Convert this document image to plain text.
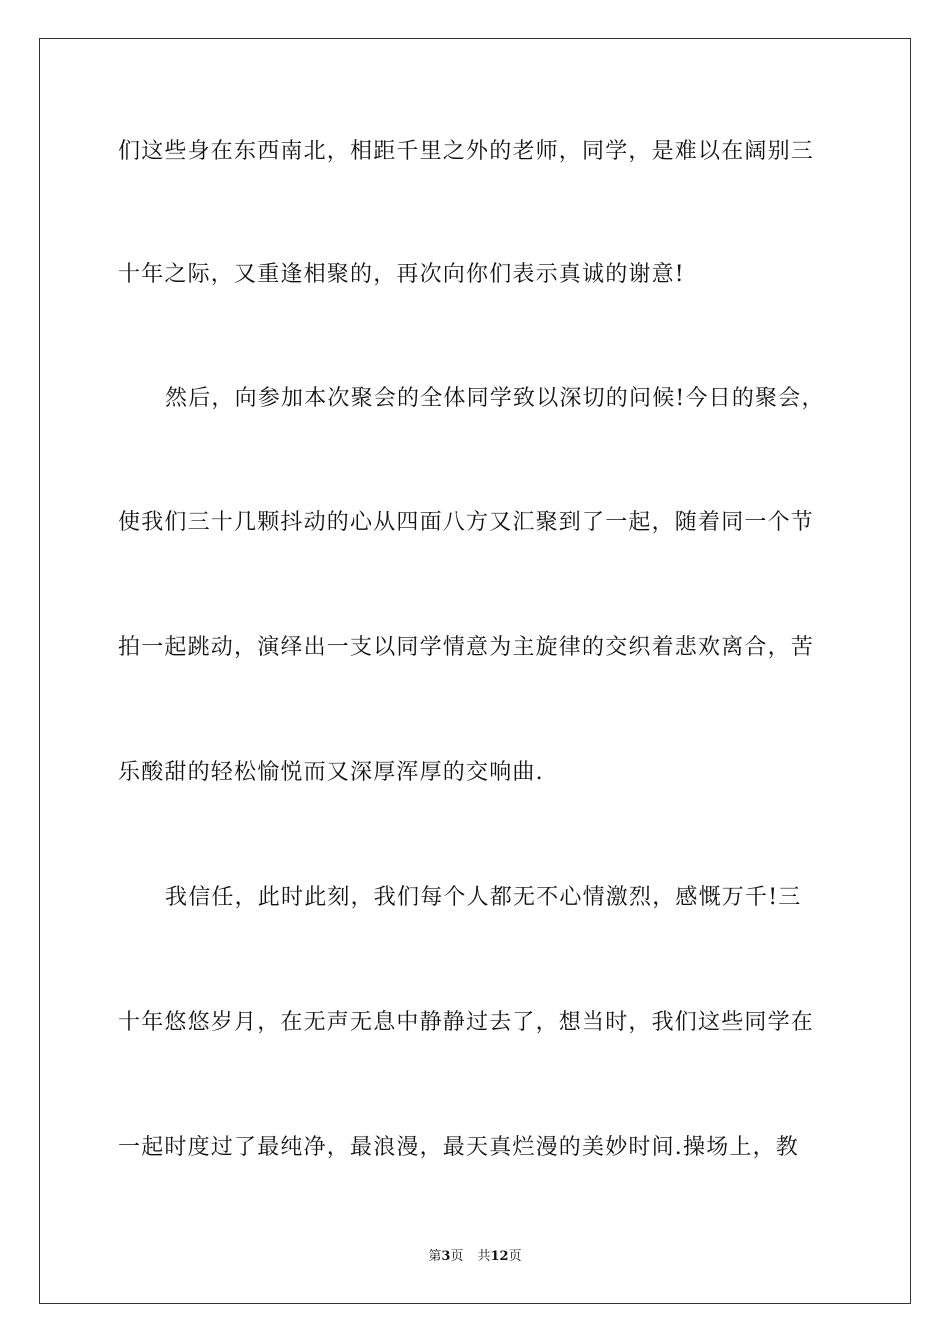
们这些身在东西南北，相距千里之外的老师，同学，是难以在阔别三
十年之际，又重逢相聚的，再次向你们表示真诚的谢意!
然后，向参加本次聚会的全体同学致以深切的问候!今日的聚会，
使我们三十几颗抖动的心从四面八方又汇聚到了一起，随着同一个节
拍一起跳动，演绎出一支以同学情意为主旋律的交织着悲欢离合，苦
乐酸甜的轻松愉悦而又深厚浑厚的交响曲.
我信任，此时此刻，我们每个人都无不心情激烈，感慨万千!三
十年悠悠岁月，在无声无息中静静过去了，想当时，我们这些同学在
一起时度过了最纯净，最浪漫，最天真烂漫的美妙时间.操场上，教
第3页 共12页
